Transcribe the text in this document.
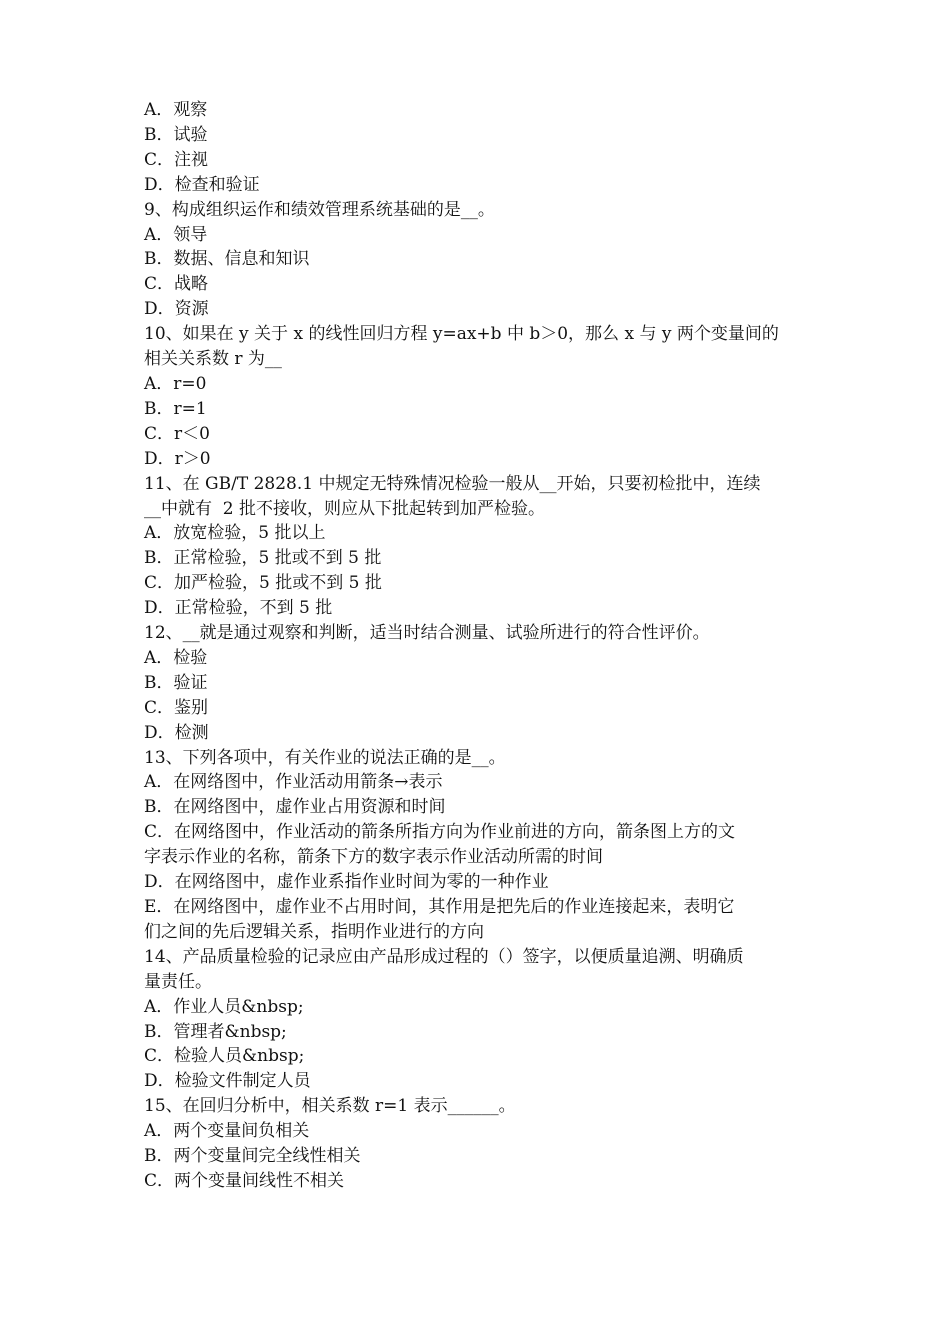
A．观察

B．试验

C．注视

D．检查和验证

9、构成组织运作和绩效管理系统基础的是__。

A．领导

B．数据、信息和知识

C．战略

D．资源

10、如果在 y 关于 x 的线性回归方程 y=ax+b 中 b＞0，那么 x 与 y 两个变量间的

相关关系数 r 为__

A．r=0

B．r=1

C．r＜0

D．r＞0

11、在 GB/T 2828.1 中规定无特殊情况检验一般从__开始，只要初检批中，连续

__中就有  2 批不接收，则应从下批起转到加严检验。

A．放宽检验，5 批以上

B．正常检验，5 批或不到 5 批

C．加严检验，5 批或不到 5 批

D．正常检验，不到 5 批

12、__就是通过观察和判断，适当时结合测量、试验所进行的符合性评价。

A．检验

B．验证

C．鉴别

D．检测

13、下列各项中，有关作业的说法正确的是__。

A．在网络图中，作业活动用箭条→表示

B．在网络图中，虚作业占用资源和时间

C．在网络图中，作业活动的箭条所指方向为作业前进的方向，箭条图上方的文

字表示作业的名称，箭条下方的数字表示作业活动所需的时间

D．在网络图中，虚作业系指作业时间为零的一种作业

E．在网络图中，虚作业不占用时间，其作用是把先后的作业连接起来，表明它

们之间的先后逻辑关系，指明作业进行的方向

14、产品质量检验的记录应由产品形成过程的（）签字，以便质量追溯、明确质

量责任。

A．作业人员&nbsp;

B．管理者&nbsp;

C．检验人员&nbsp;

D．检验文件制定人员

15、在回归分析中，相关系数 r=1 表示______。

A．两个变量间负相关

B．两个变量间完全线性相关

C．两个变量间线性不相关
